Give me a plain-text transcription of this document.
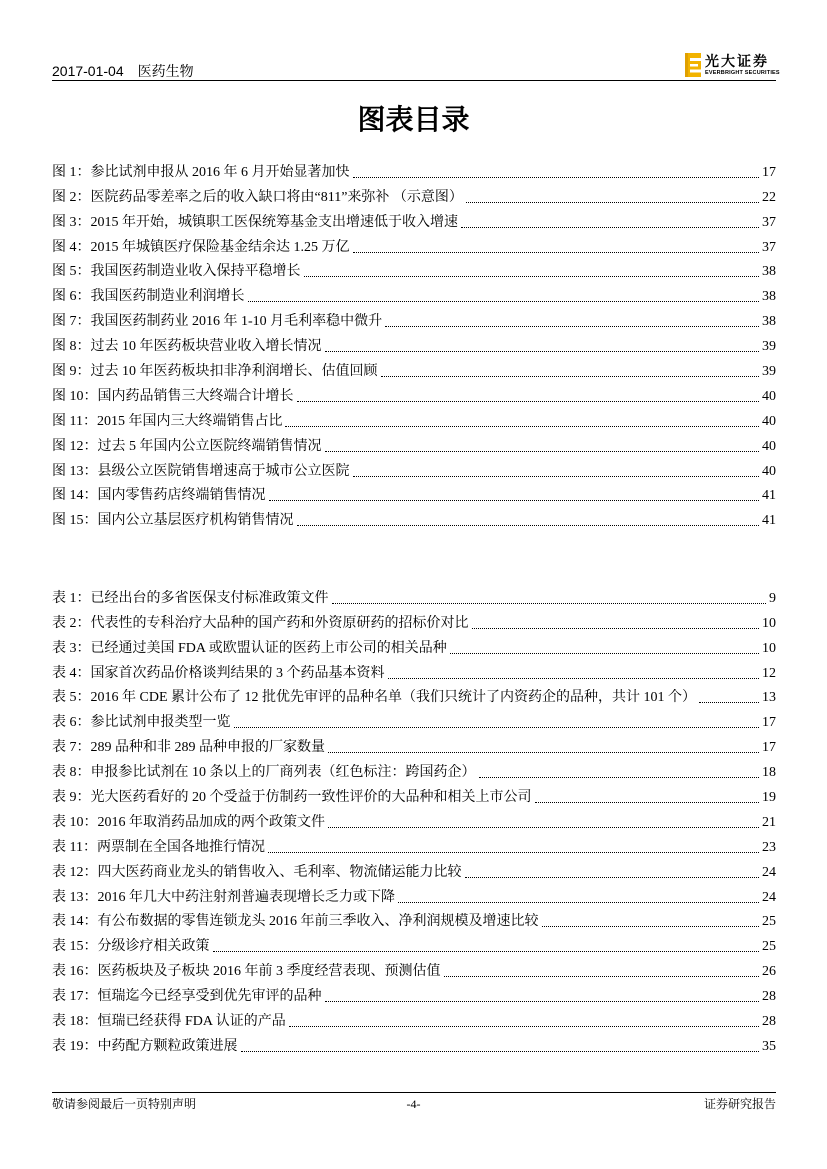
2017-01-04 医药生物
光大证券
EVERBRIGHT SECURITIES
图表目录
图 1： 参比试剂申报从 2016 年 6 月开始显著加快	17
图 2： 医院药品零差率之后的收入缺口将由“811”来弥补 （示意图）	22
图 3： 2015 年开始，城镇职工医保统筹基金支出增速低于收入增速	37
图 4： 2015 年城镇医疗保险基金结余达 1.25 万亿	37
图 5： 我国医药制造业收入保持平稳增长	38
图 6： 我国医药制造业利润增长	38
图 7： 我国医药制药业 2016 年 1-10 月毛利率稳中微升	38
图 8： 过去 10 年医药板块营业收入增长情况	39
图 9： 过去 10 年医药板块扣非净利润增长、估值回顾	39
图 10： 国内药品销售三大终端合计增长	40
图 11： 2015 年国内三大终端销售占比	40
图 12： 过去 5 年国内公立医院终端销售情况	40
图 13： 县级公立医院销售增速高于城市公立医院	40
图 14： 国内零售药店终端销售情况	41
图 15： 国内公立基层医疗机构销售情况	41
表 1： 已经出台的多省医保支付标准政策文件	9
表 2： 代表性的专科治疗大品种的国产药和外资原研药的招标价对比	10
表 3： 已经通过美国 FDA 或欧盟认证的医药上市公司的相关品种	10
表 4： 国家首次药品价格谈判结果的 3 个药品基本资料	12
表 5： 2016 年 CDE 累计公布了 12 批优先审评的品种名单（我们只统计了内资药企的品种，共计 101 个）	13
表 6： 参比试剂申报类型一览	17
表 7： 289 品种和非 289 品种申报的厂家数量	17
表 8： 申报参比试剂在 10 条以上的厂商列表（红色标注：跨国药企）	18
表 9： 光大医药看好的 20 个受益于仿制药一致性评价的大品种和相关上市公司	19
表 10： 2016 年取消药品加成的两个政策文件	21
表 11： 两票制在全国各地推行情况	23
表 12： 四大医药商业龙头的销售收入、毛利率、物流储运能力比较	24
表 13： 2016 年几大中药注射剂普遍表现增长乏力或下降	24
表 14： 有公布数据的零售连锁龙头 2016 年前三季收入、净利润规模及增速比较	25
表 15： 分级诊疗相关政策	25
表 16： 医药板块及子板块 2016 年前 3 季度经营表现、预测估值	26
表 17： 恒瑞迄今已经享受到优先审评的品种	28
表 18： 恒瑞已经获得 FDA 认证的产品	28
表 19： 中药配方颗粒政策进展	35
敬请参阅最后一页特别声明	-4-	证券研究报告
